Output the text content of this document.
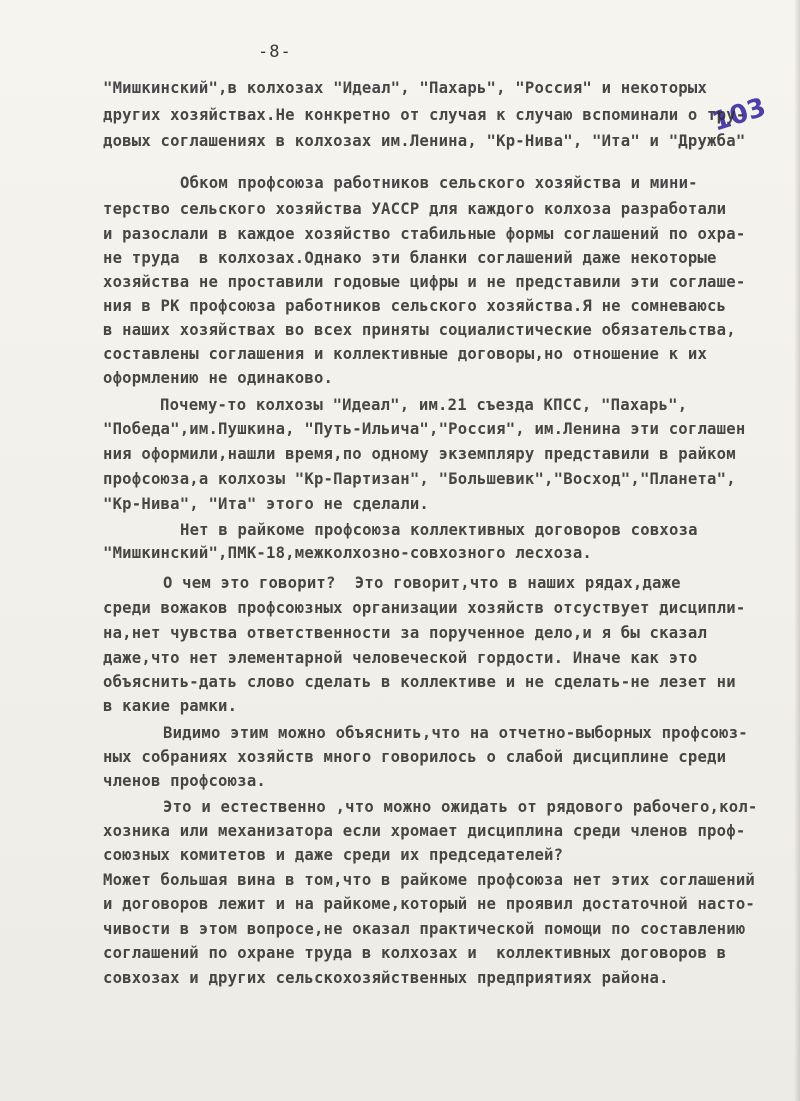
-8-
103
"Мишкинский",в колхозах "Идеал", "Пахарь", "Россия" и некоторых
других хозяйствах.Не конкретно от случая к случаю вспоминали о тру-
довых соглашениях в колхозах им.Ленина, "Кр-Нива", "Ита" и "Дружба"
Обком профсоюза работников сельского хозяйства и мини-
терство сельского хозяйства УАССР для каждого колхоза разработали
и разослали в каждое хозяйство стабильные формы соглашений по охра-
не труда  в колхозах.Однако эти бланки соглашений даже некоторые
хозяйства не проставили годовые цифры и не представили эти соглаше-
ния в РК профсоюза работников сельского хозяйства.Я не сомневаюсь
в наших хозяйствах во всех приняты социалистические обязательства,
составлены соглашения и коллективные договоры,но отношение к их
оформлению не одинаково.
Почему-то колхозы "Идеал", им.21 съезда КПСС, "Пахарь",
"Победа",им.Пушкина, "Путь-Ильича","Россия", им.Ленина эти соглашен
ния оформили,нашли время,по одному экземпляру представили в райком
профсоюза,а колхозы "Кр-Партизан", "Большевик","Восход","Планета",
"Кр-Нива", "Ита" этого не сделали.
Нет в райкоме профсоюза коллективных договоров совхоза
"Мишкинский",ПМК-18,межколхозно-совхозного лесхоза.
О чем это говорит?  Это говорит,что в наших рядах,даже
среди вожаков профсоюзных организации хозяйств отсуствует дисципли-
на,нет чувства ответственности за порученное дело,и я бы сказал
даже,что нет элементарной человеческой гордости. Иначе как это
объяснить-дать слово сделать в коллективе и не сделать-не лезет ни
в какие рамки.
Видимо этим можно объяснить,что на отчетно-выборных профсоюз-
ных собраниях хозяйств много говорилось о слабой дисциплине среди
членов профсоюза.
Это и естественно ,что можно ожидать от рядового рабочего,кол-
хозника или механизатора если хромает дисциплина среди членов проф-
союзных комитетов и даже среди их председателей?
Может большая вина в том,что в райкоме профсоюза нет этих соглашений
и договоров лежит и на райкоме,который не проявил достаточной насто-
чивости в этом вопросе,не оказал практической помощи по составлению
соглашений по охране труда в колхозах и  коллективных договоров в
совхозах и других сельскохозяйственных предприятиях района.
